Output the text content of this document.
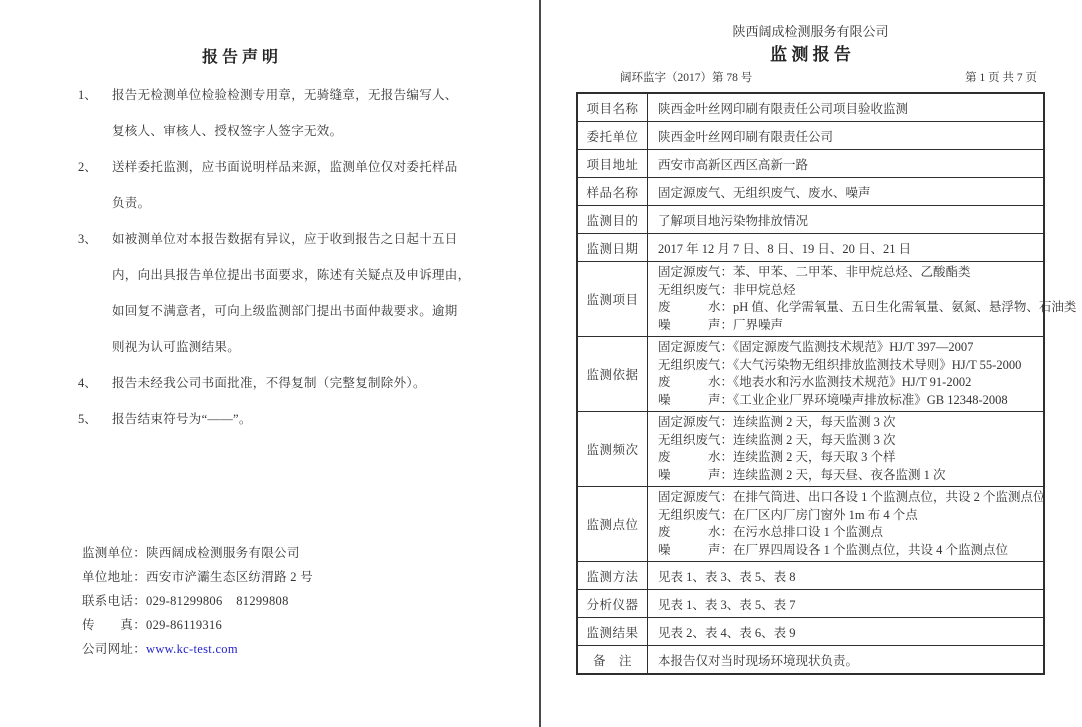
报 告 声 明
1、	报告无检测单位检验检测专用章，无骑缝章，无报告编写人、
复核人、审核人、授权签字人签字无效。
2、	送样委托监测，应书面说明样品来源，监测单位仅对委托样品
负责。
3、	如被测单位对本报告数据有异议，应于收到报告之日起十五日
内，向出具报告单位提出书面要求，陈述有关疑点及申诉理由，
如回复不满意者，可向上级监测部门提出书面仲裁要求。逾期
则视为认可监测结果。
4、	报告未经我公司书面批准，不得复制（完整复制除外）。
5、	报告结束符号为“——”。
监测单位：陕西阔成检测服务有限公司
单位地址：西安市浐灞生态区纺渭路 2 号
联系电话：029-81299806    81299808
传　　真：029-86119316
公司网址：www.kc-test.com
陕西阔成检测服务有限公司
监 测 报 告
阔环监字（2017）第 78 号	第 1 页 共 7 页
项目名称	陕西金叶丝网印刷有限责任公司项目验收监测

委托单位	陕西金叶丝网印刷有限责任公司

项目地址	西安市高新区西区高新一路

样品名称	固定源废气、无组织废气、废水、噪声

监测目的	了解项目地污染物排放情况

监测日期	2017 年 12 月 7 日、8 日、19 日、20 日、21 日

监测项目	固定源废气：苯、甲苯、二甲苯、非甲烷总烃、乙酸酯类
无组织废气：非甲烷总烃
废　　　水：pH 值、化学需氧量、五日生化需氧量、氨氮、悬浮物、石油类
噪　　　声：厂界噪声

监测依据	固定源废气：《固定源废气监测技术规范》HJ/T 397—2007
无组织废气：《大气污染物无组织排放监测技术导则》HJ/T 55-2000
废　　　水：《地表水和污水监测技术规范》HJ/T 91-2002
噪　　　声：《工业企业厂界环境噪声排放标准》GB 12348-2008

监测频次	固定源废气：连续监测 2 天，每天监测 3 次
无组织废气：连续监测 2 天，每天监测 3 次
废　　　水：连续监测 2 天，每天取 3 个样
噪　　　声：连续监测 2 天，每天昼、夜各监测 1 次

监测点位	固定源废气：在排气筒进、出口各设 1 个监测点位，共设 2 个监测点位
无组织废气：在厂区内厂房门窗外 1m 布 4 个点
废　　　水：在污水总排口设 1 个监测点
噪　　　声：在厂界四周设各 1 个监测点位，共设 4 个监测点位

监测方法	见表 1、表 3、表 5、表 8

分析仪器	见表 1、表 3、表 5、表 7

监测结果	见表 2、表 4、表 6、表 9

备　注	本报告仅对当时现场环境现状负责。
